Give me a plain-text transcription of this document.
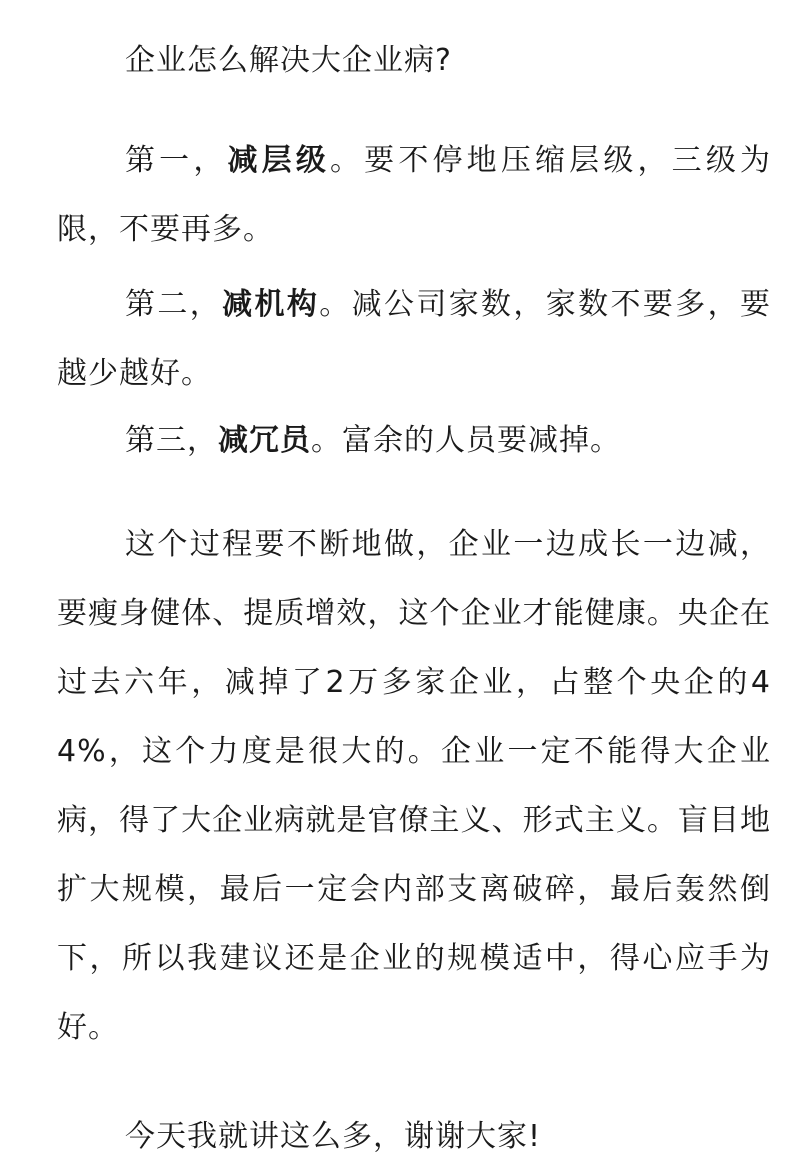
企业怎么解决大企业病?

第一，减层级。要不停地压缩层级，三级为限，不要再多。

第二，减机构。减公司家数，家数不要多，要越少越好。

第三，减冗员。富余的人员要减掉。

这个过程要不断地做，企业一边成长一边减，要瘦身健体、提质增效，这个企业才能健康。央企在过去六年，减掉了2万多家企业，占整个央企的44%，这个力度是很大的。企业一定不能得大企业病，得了大企业病就是官僚主义、形式主义。盲目地扩大规模，最后一定会内部支离破碎，最后轰然倒下，所以我建议还是企业的规模适中，得心应手为好。

今天我就讲这么多，谢谢大家!
